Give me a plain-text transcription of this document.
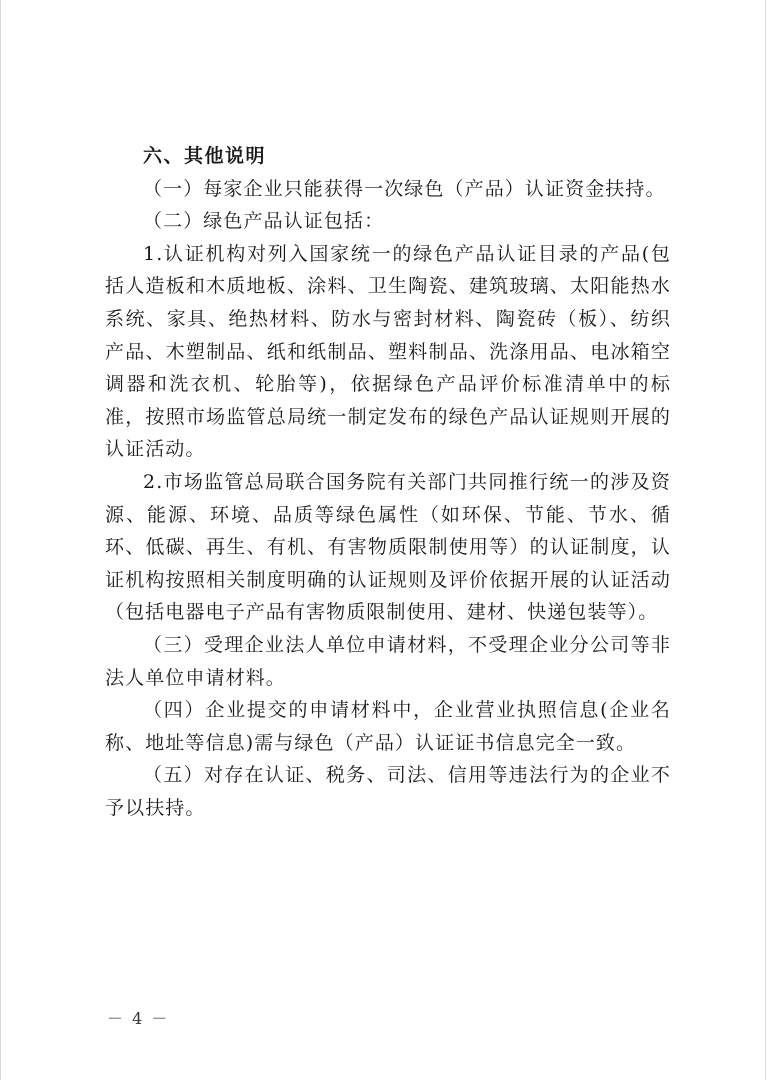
六、其他说明

（一）每家企业只能获得一次绿色（产品）认证资金扶持。

（二）绿色产品认证包括：

1.认证机构对列入国家统一的绿色产品认证目录的产品(包括人造板和木质地板、涂料、卫生陶瓷、建筑玻璃、太阳能热水系统、家具、绝热材料、防水与密封材料、陶瓷砖（板）、纺织产品、木塑制品、纸和纸制品、塑料制品、洗涤用品、电冰箱空调器和洗衣机、轮胎等)，依据绿色产品评价标准清单中的标准，按照市场监管总局统一制定发布的绿色产品认证规则开展的认证活动。

2.市场监管总局联合国务院有关部门共同推行统一的涉及资源、能源、环境、品质等绿色属性（如环保、节能、节水、循环、低碳、再生、有机、有害物质限制使用等）的认证制度，认证机构按照相关制度明确的认证规则及评价依据开展的认证活动（包括电器电子产品有害物质限制使用、建材、快递包装等）。

（三）受理企业法人单位申请材料，不受理企业分公司等非法人单位申请材料。

（四）企业提交的申请材料中，企业营业执照信息(企业名称、地址等信息)需与绿色（产品）认证证书信息完全一致。

（五）对存在认证、税务、司法、信用等违法行为的企业不予以扶持。

－ 4 －
